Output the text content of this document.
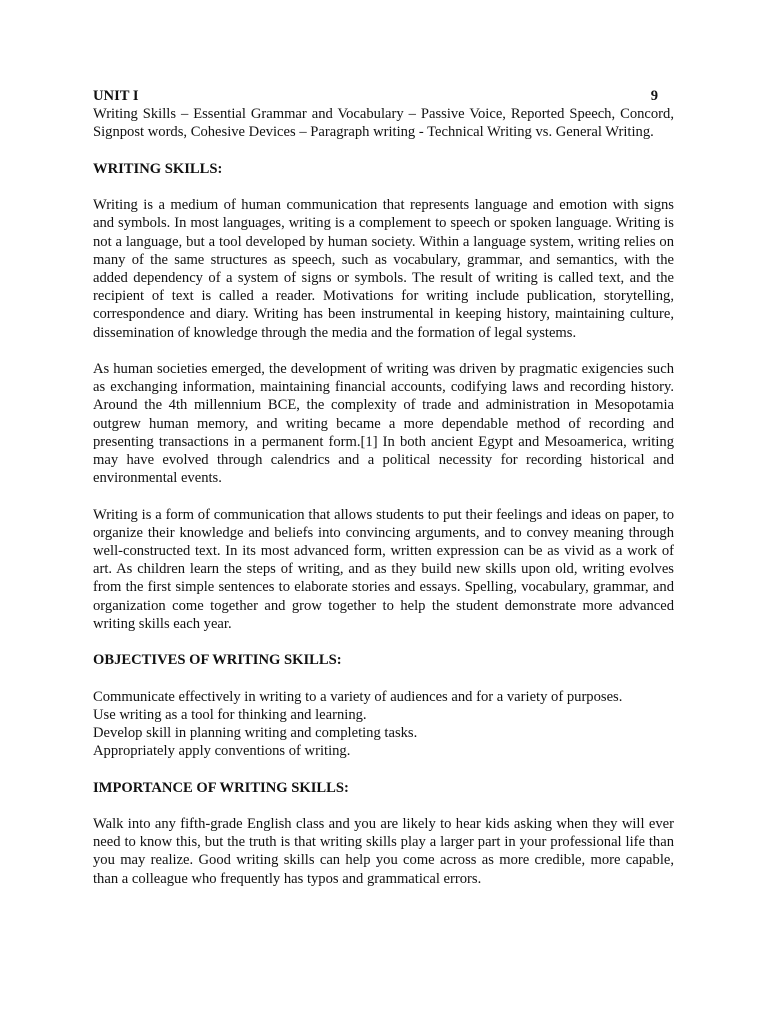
UNIT I	9

Writing Skills – Essential Grammar and Vocabulary – Passive Voice, Reported Speech, Concord, Signpost words, Cohesive Devices – Paragraph writing - Technical Writing vs. General Writing.

WRITING SKILLS:

Writing is a medium of human communication that represents language and emotion with signs and symbols. In most languages, writing is a complement to speech or spoken language. Writing is not a language, but a tool developed by human society. Within a language system, writing relies on many of the same structures as speech, such as vocabulary, grammar, and semantics, with the added dependency of a system of signs or symbols. The result of writing is called text, and the recipient of text is called a reader. Motivations for writing include publication, storytelling, correspondence and diary. Writing has been instrumental in keeping history, maintaining culture, dissemination of knowledge through the media and the formation of legal systems.

As human societies emerged, the development of writing was driven by pragmatic exigencies such as exchanging information, maintaining financial accounts, codifying laws and recording history. Around the 4th millennium BCE, the complexity of trade and administration in Mesopotamia outgrew human memory, and writing became a more dependable method of recording and presenting transactions in a permanent form.[1] In both ancient Egypt and Mesoamerica, writing may have evolved through calendrics and a political necessity for recording historical and environmental events.

Writing is a form of communication that allows students to put their feelings and ideas on paper, to organize their knowledge and beliefs into convincing arguments, and to convey meaning through well-constructed text. In its most advanced form, written expression can be as vivid as a work of art. As children learn the steps of writing, and as they build new skills upon old, writing evolves from the first simple sentences to elaborate stories and essays. Spelling, vocabulary, grammar, and organization come together and grow together to help the student demonstrate more advanced writing skills each year.

OBJECTIVES OF WRITING SKILLS:
Communicate effectively in writing to a variety of audiences and for a variety of purposes.
Use writing as a tool for thinking and learning.
Develop skill in planning writing and completing tasks.
Appropriately apply conventions of writing.
IMPORTANCE OF WRITING SKILLS:

Walk into any fifth-grade English class and you are likely to hear kids asking when they will ever need to know this, but the truth is that writing skills play a larger part in your professional life than you may realize. Good writing skills can help you come across as more credible, more capable, than a colleague who frequently has typos and grammatical errors.
